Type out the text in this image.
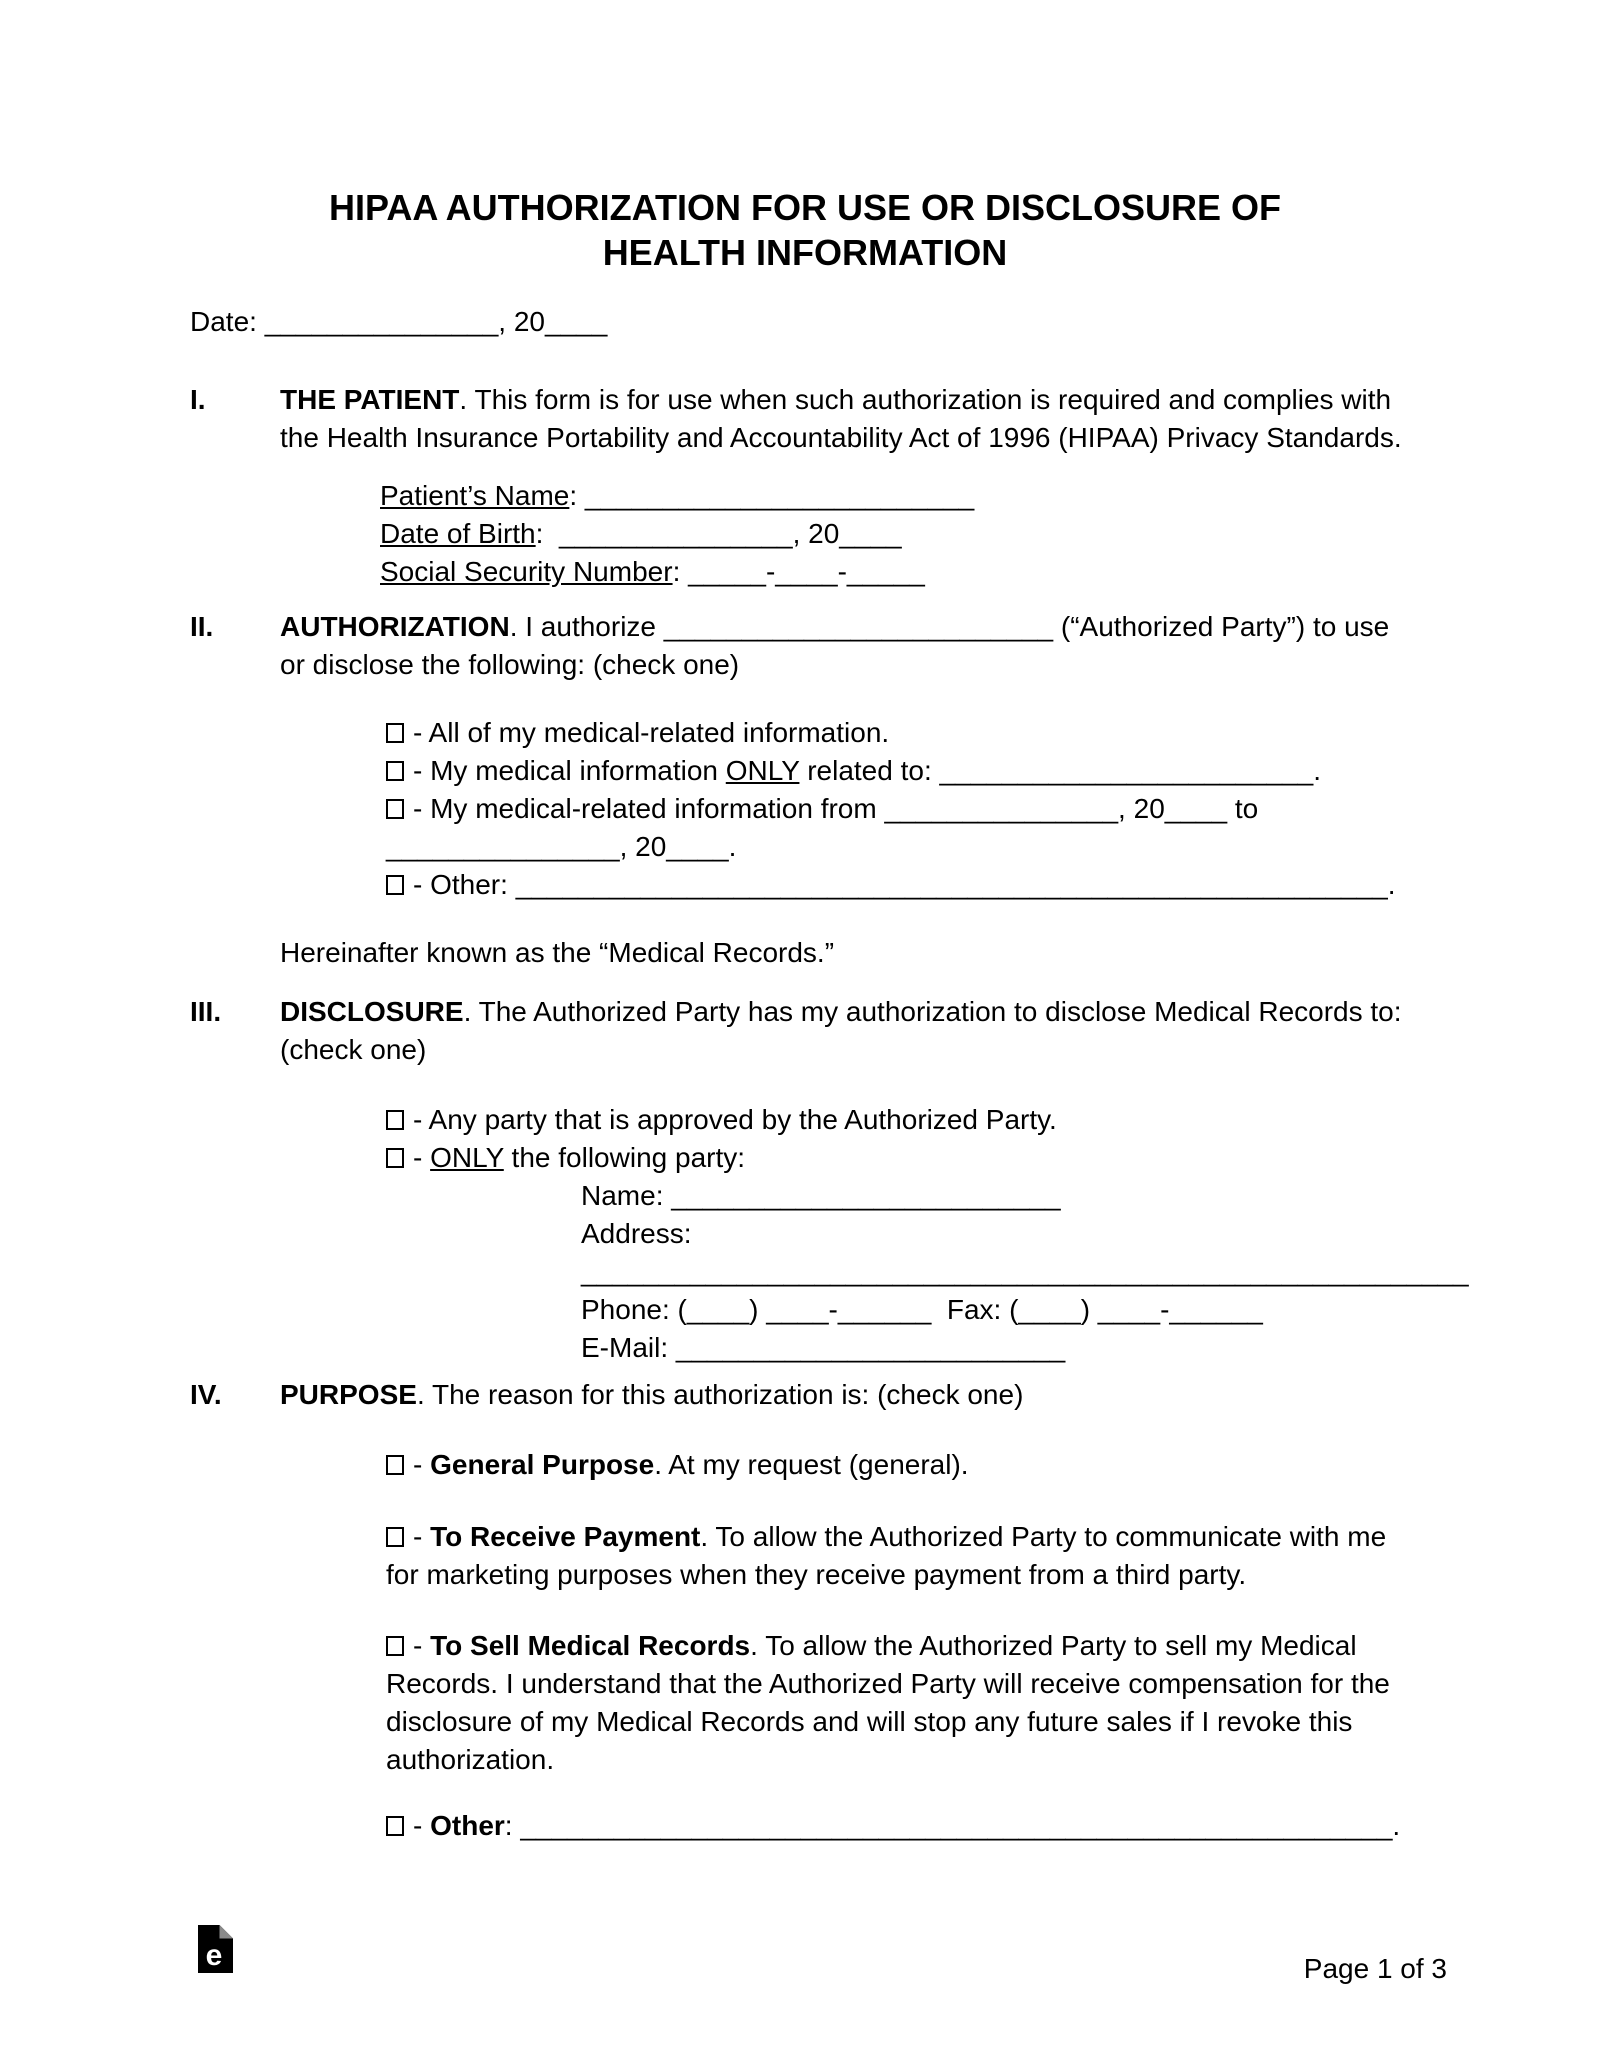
HIPAA AUTHORIZATION FOR USE OR DISCLOSURE OF
HEALTH INFORMATION
Date: _______________, 20____
I.	THE PATIENT. This form is for use when such authorization is required and complies with the Health Insurance Portability and Accountability Act of 1996 (HIPAA) Privacy Standards.
Patient’s Name: _________________________
Date of Birth:  _______________, 20____
Social Security Number: _____-____-_____
II.	AUTHORIZATION. I authorize _________________________ (“Authorized Party”) to use or disclose the following: (check one)
- All of my medical-related information.
- My medical information ONLY related to: ________________________.
- My medical-related information from _______________, 20____ to _______________, 20____.
- Other: ________________________________________________________.
Hereinafter known as the “Medical Records.”
III.	DISCLOSURE. The Authorized Party has my authorization to disclose Medical Records to: (check one)
- Any party that is approved by the Authorized Party.
- ONLY the following party:
Name: _________________________
Address: _________________________________________________________
Phone: (____) ____-______  Fax: (____) ____-______
E-Mail: _________________________
IV.	PURPOSE. The reason for this authorization is: (check one)
- General Purpose. At my request (general).
- To Receive Payment. To allow the Authorized Party to communicate with me for marketing purposes when they receive payment from a third party.
- To Sell Medical Records. To allow the Authorized Party to sell my Medical Records. I understand that the Authorized Party will receive compensation for the disclosure of my Medical Records and will stop any future sales if I revoke this authorization.
- Other: ________________________________________________________.
e	Page 1 of 3
